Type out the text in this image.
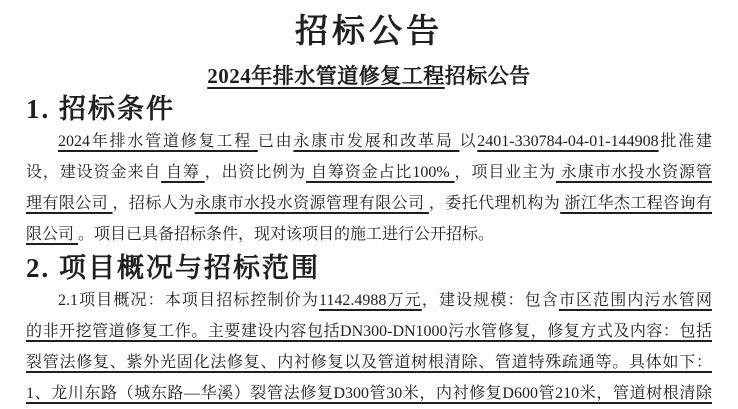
招标公告
2024年排水管道修复工程招标公告
1. 招标条件
2024年排水管道修复工程 已由永康市发展和改革局 以2401-330784-04-01-144908批准建
设，建设资金来自 自筹 ，出资比例为 自筹资金占比100% ，项目业主为 永康市水投水资源管
理有限公司 ，招标人为永康市水投水资源管理有限公司 ，委托代理机构为 浙江华杰工程咨询有
限公司 。项目已具备招标条件，现对该项目的施工进行公开招标。
2. 项目概况与招标范围
2.1项目概况：本项目招标控制价为1142.4988万元，建设规模：包含市区范围内污水管网
的非开挖管道修复工作。主要建设内容包括DN300-DN1000污水管修复，修复方式及内容：包括
裂管法修复、紫外光固化法修复、内衬修复以及管道树根清除、管道特殊疏通等。具体如下：
1、龙川东路（城东路—华溪）裂管法修复D300管30米，内衬修复D600管210米，管道树根清除
